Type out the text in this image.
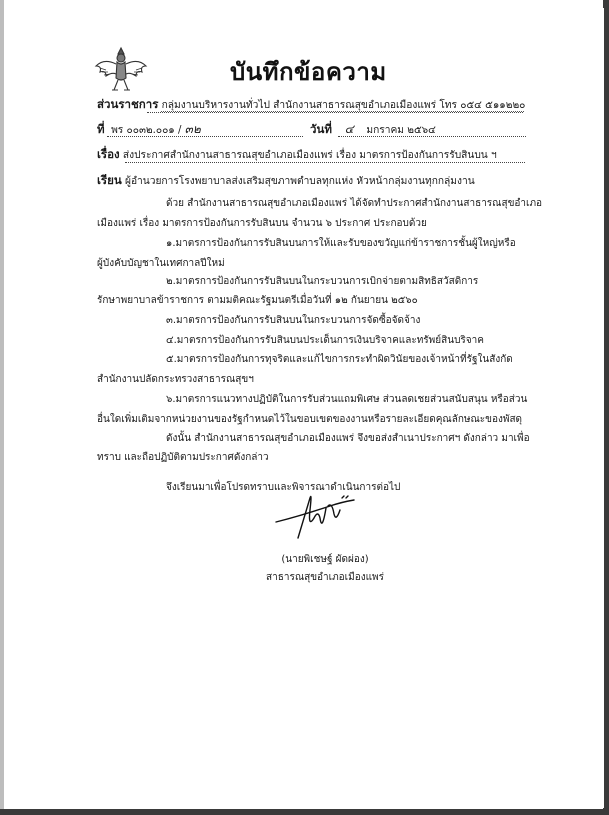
บันทึกข้อความ
ส่วนราชการ กลุ่มงานบริหารงานทั่วไป สำนักงานสาธารณสุขอำเภอเมืองแพร่ โทร ๐๕๔ ๕๑๑๒๒๐
ที่ พร ๐๐๓๒.๐๐๑ / ๓๒	วันที่ ๔ มกราคม ๒๕๖๔
เรื่อง ส่งประกาศสำนักงานสาธารณสุขอำเภอเมืองแพร่ เรื่อง มาตรการป้องกันการรับสินบน ฯ
เรียน ผู้อำนวยการโรงพยาบาลส่งเสริมสุขภาพตำบลทุกแห่ง หัวหน้ากลุ่มงานทุกกลุ่มงาน
ด้วย สำนักงานสาธารณสุขอำเภอเมืองแพร่ ได้จัดทำประกาศสำนักงานสาธารณสุขอำเภอ
เมืองแพร่ เรื่อง มาตรการป้องกันการรับสินบน จำนวน ๖ ประกาศ ประกอบด้วย
๑.มาตรการป้องกันการรับสินบนการให้และรับของขวัญแก่ข้าราชการชั้นผู้ใหญ่หรือ
ผู้บังคับบัญชาในเทศกาลปีใหม่
๒.มาตรการป้องกันการรับสินบนในกระบวนการเบิกจ่ายตามสิทธิสวัสดิการ
รักษาพยาบาลข้าราชการ ตามมติคณะรัฐมนตรีเมื่อวันที่ ๑๒ กันยายน ๒๕๖๐
๓.มาตรการป้องกันการรับสินบนในกระบวนการจัดซื้อจัดจ้าง
๔.มาตรการป้องกันการรับสินบนประเด็นการเงินบริจาคและทรัพย์สินบริจาค
๕.มาตรการป้องกันการทุจริตและแก้ไขการกระทำผิดวินัยของเจ้าหน้าที่รัฐในสังกัด
สำนักงานปลัดกระทรวงสาธารณสุขฯ
๖.มาตรการแนวทางปฏิบัติในการรับส่วนแถมพิเศษ ส่วนลดเชยส่วนสนับสนุน หรือส่วน
อื่นใดเพิ่มเติมจากหน่วยงานของรัฐกำหนดไว้ในขอบเขตของงานหรือรายละเอียดคุณลักษณะของพัสดุ
ดังนั้น สำนักงานสาธารณสุขอำเภอเมืองแพร่ จึงขอส่งสำเนาประกาศฯ ดังกล่าว มาเพื่อ
ทราบ และถือปฏิบัติตามประกาศดังกล่าว
จึงเรียนมาเพื่อโปรดทราบและพิจารณาดำเนินการต่อไป
(นายพิเชษฐ์ ผัดผ่อง)
สาธารณสุขอำเภอเมืองแพร่
